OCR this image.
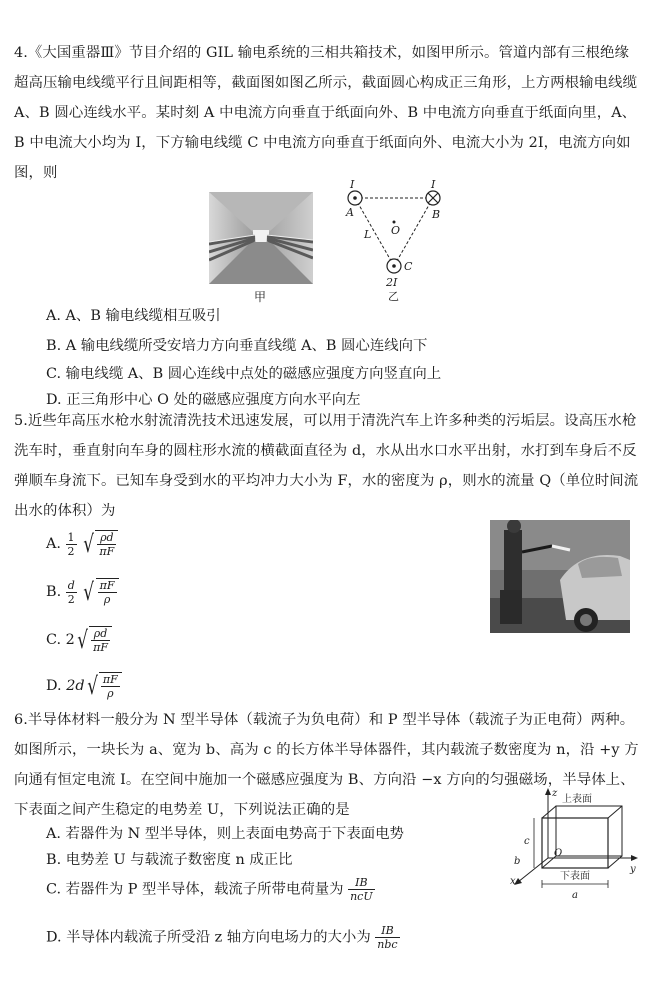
4.《大国重器Ⅲ》节目介绍的 GIL 输电系统的三相共箱技术，如图甲所示。管道内部有三根绝缘超高压输电线缆平行且间距相等，截面图如图乙所示，截面圆心构成正三角形，上方两根输电线缆 A、B 圆心连线水平。某时刻 A 中电流方向垂直于纸面向外、B 中电流方向垂直于纸面向里，A、B 中电流大小均为 I，下方输电线缆 C 中电流方向垂直于纸面向外、电流大小为 2I，电流方向如图，则
甲
I
A
I
B
L O
C
2I
乙
A. A、B 输电线缆相互吸引
B. A 输电线缆所受安培力方向垂直线缆 A、B 圆心连线向下
C. 输电线缆 A、B 圆心连线中点处的磁感应强度方向竖直向上
D. 正三角形中心 O 处的磁感应强度方向水平向左
5.近些年高压水枪水射流清洗技术迅速发展，可以用于清洗汽车上许多种类的污垢层。设高压水枪洗车时，垂直射向车身的圆柱形水流的横截面直径为 d，水从出水口水平出射，水打到车身后不反弹顺车身流下。已知车身受到水的平均冲力大小为 F，水的密度为 ρ，则水的流量 Q（单位时间流出水的体积）为
A. $\frac{1}{2}$ √ $\frac{\rho d}{\pi F}$
B. $\frac{d}{2}$ √ $\frac{\pi F}{\rho}$
C. $2√ \frac{\rho d}{\pi F}$
D. $2d√ \frac{\pi F}{\rho}$
6.半导体材料一般分为 N 型半导体（载流子为负电荷）和 P 型半导体（载流子为正电荷）两种。如图所示，一块长为 a、宽为 b、高为 c 的长方体半导体器件，其内载流子数密度为 n，沿 +y 方向通有恒定电流 I。在空间中施加一个磁感应强度为 B、方向沿 −x 方向的匀强磁场，半导体上、下表面之间产生稳定的电势差 U，下列说法正确的是
A. 若器件为 N 型半导体，则上表面电势高于下表面电势
B. 电势差 U 与载流子数密度 n 成正比
C. 若器件为 P 型半导体，载流子所带电荷量为 $\frac{IB}{\text{ncU}}$
D. 半导体内载流子所受沿 z 轴方向电场力的大小为 $\frac{IB}{\text{nbc}}$
z
上表面
c
O
b
y
x	下表面
a
